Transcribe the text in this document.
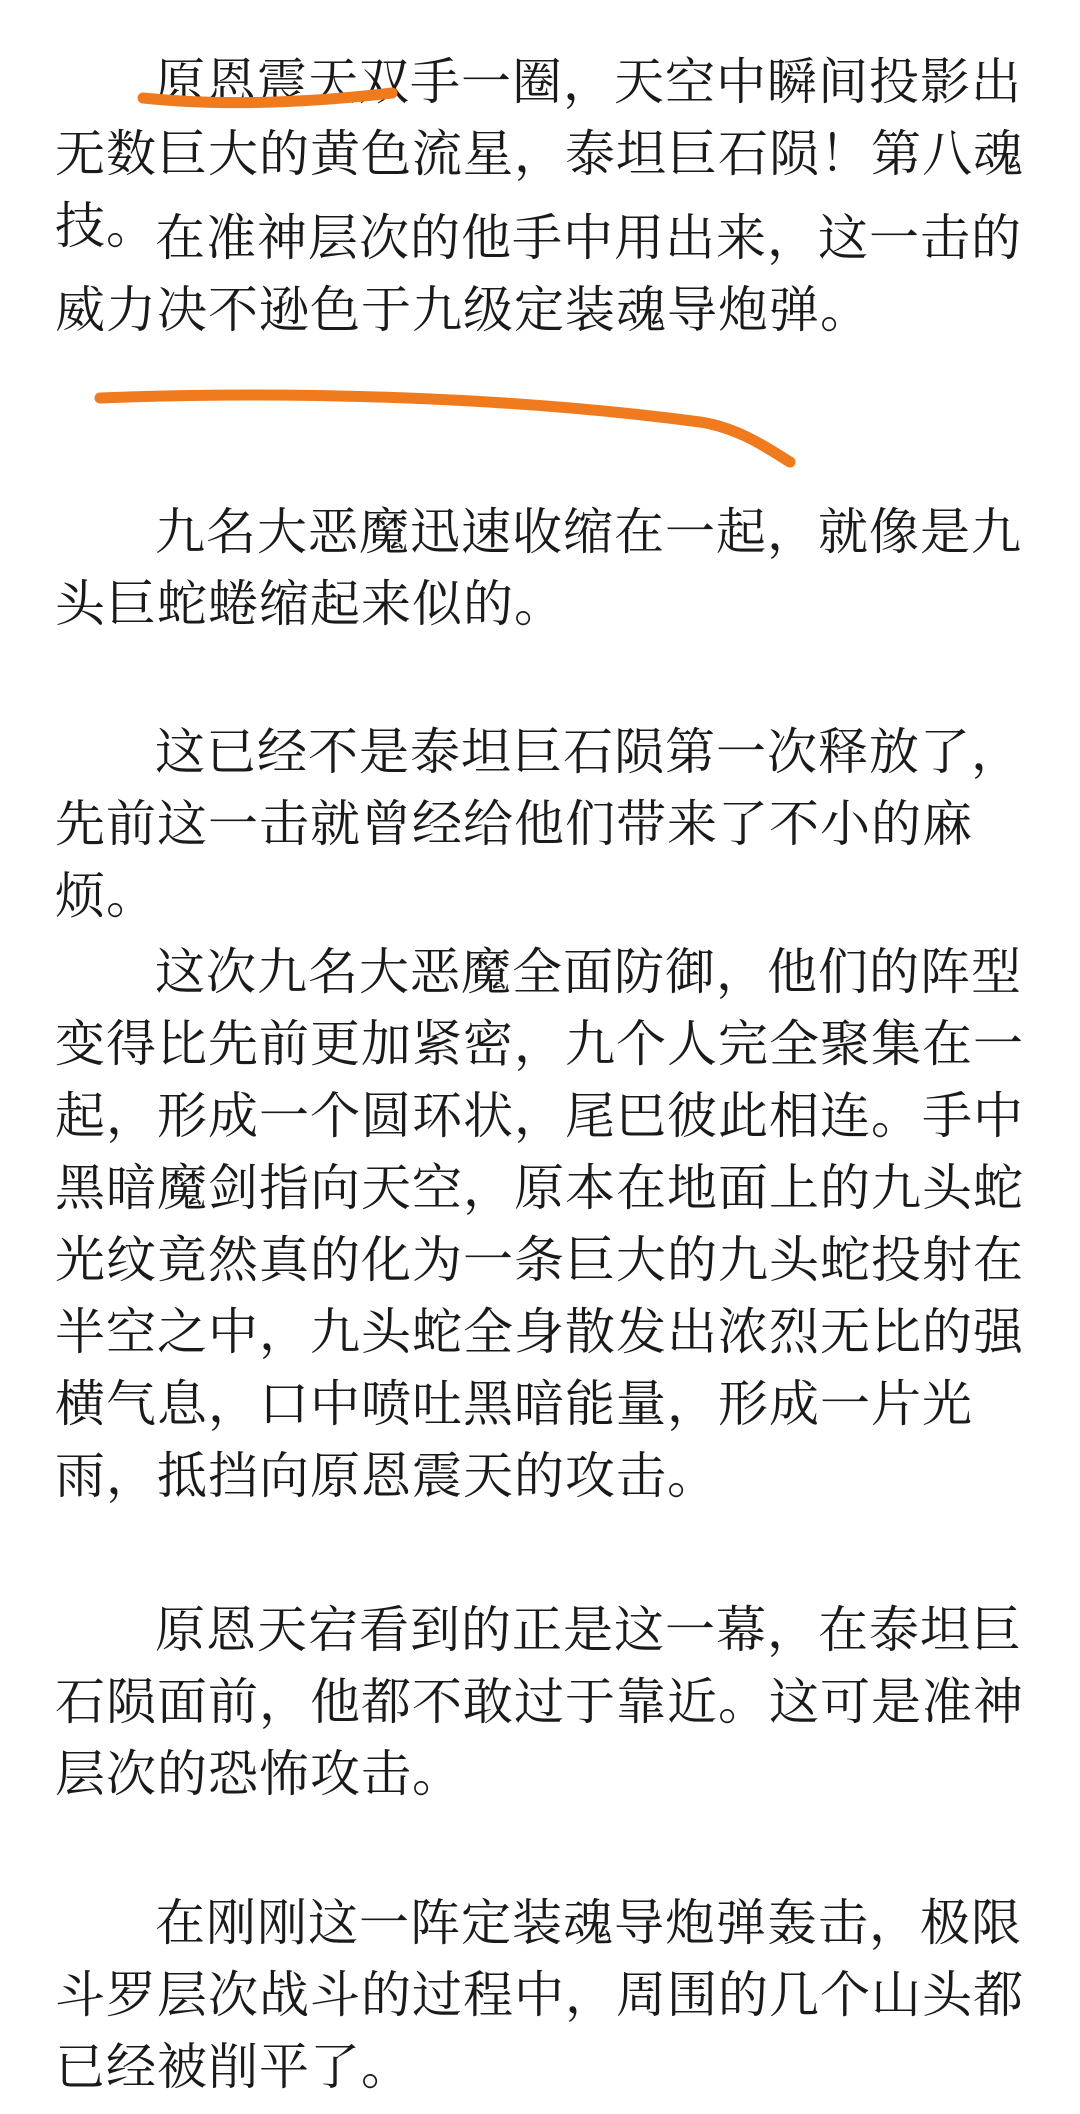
原恩震天双手一圈，天空中瞬间投影出无数巨大的黄色流星，泰坦巨石陨！第八魂技。

在准神层次的他手中用出来，这一击的威力决不逊色于九级定装魂导炮弹。

九名大恶魔迅速收缩在一起，就像是九头巨蛇蜷缩起来似的。

这已经不是泰坦巨石陨第一次释放了，先前这一击就曾经给他们带来了不小的麻烦。

这次九名大恶魔全面防御，他们的阵型变得比先前更加紧密，九个人完全聚集在一起，形成一个圆环状，尾巴彼此相连。手中黑暗魔剑指向天空，原本在地面上的九头蛇光纹竟然真的化为一条巨大的九头蛇投射在半空之中，九头蛇全身散发出浓烈无比的强横气息，口中喷吐黑暗能量，形成一片光雨，抵挡向原恩震天的攻击。

原恩天宕看到的正是这一幕，在泰坦巨石陨面前，他都不敢过于靠近。这可是准神层次的恐怖攻击。

在刚刚这一阵定装魂导炮弹轰击，极限斗罗层次战斗的过程中，周围的几个山头都已经被削平了。
